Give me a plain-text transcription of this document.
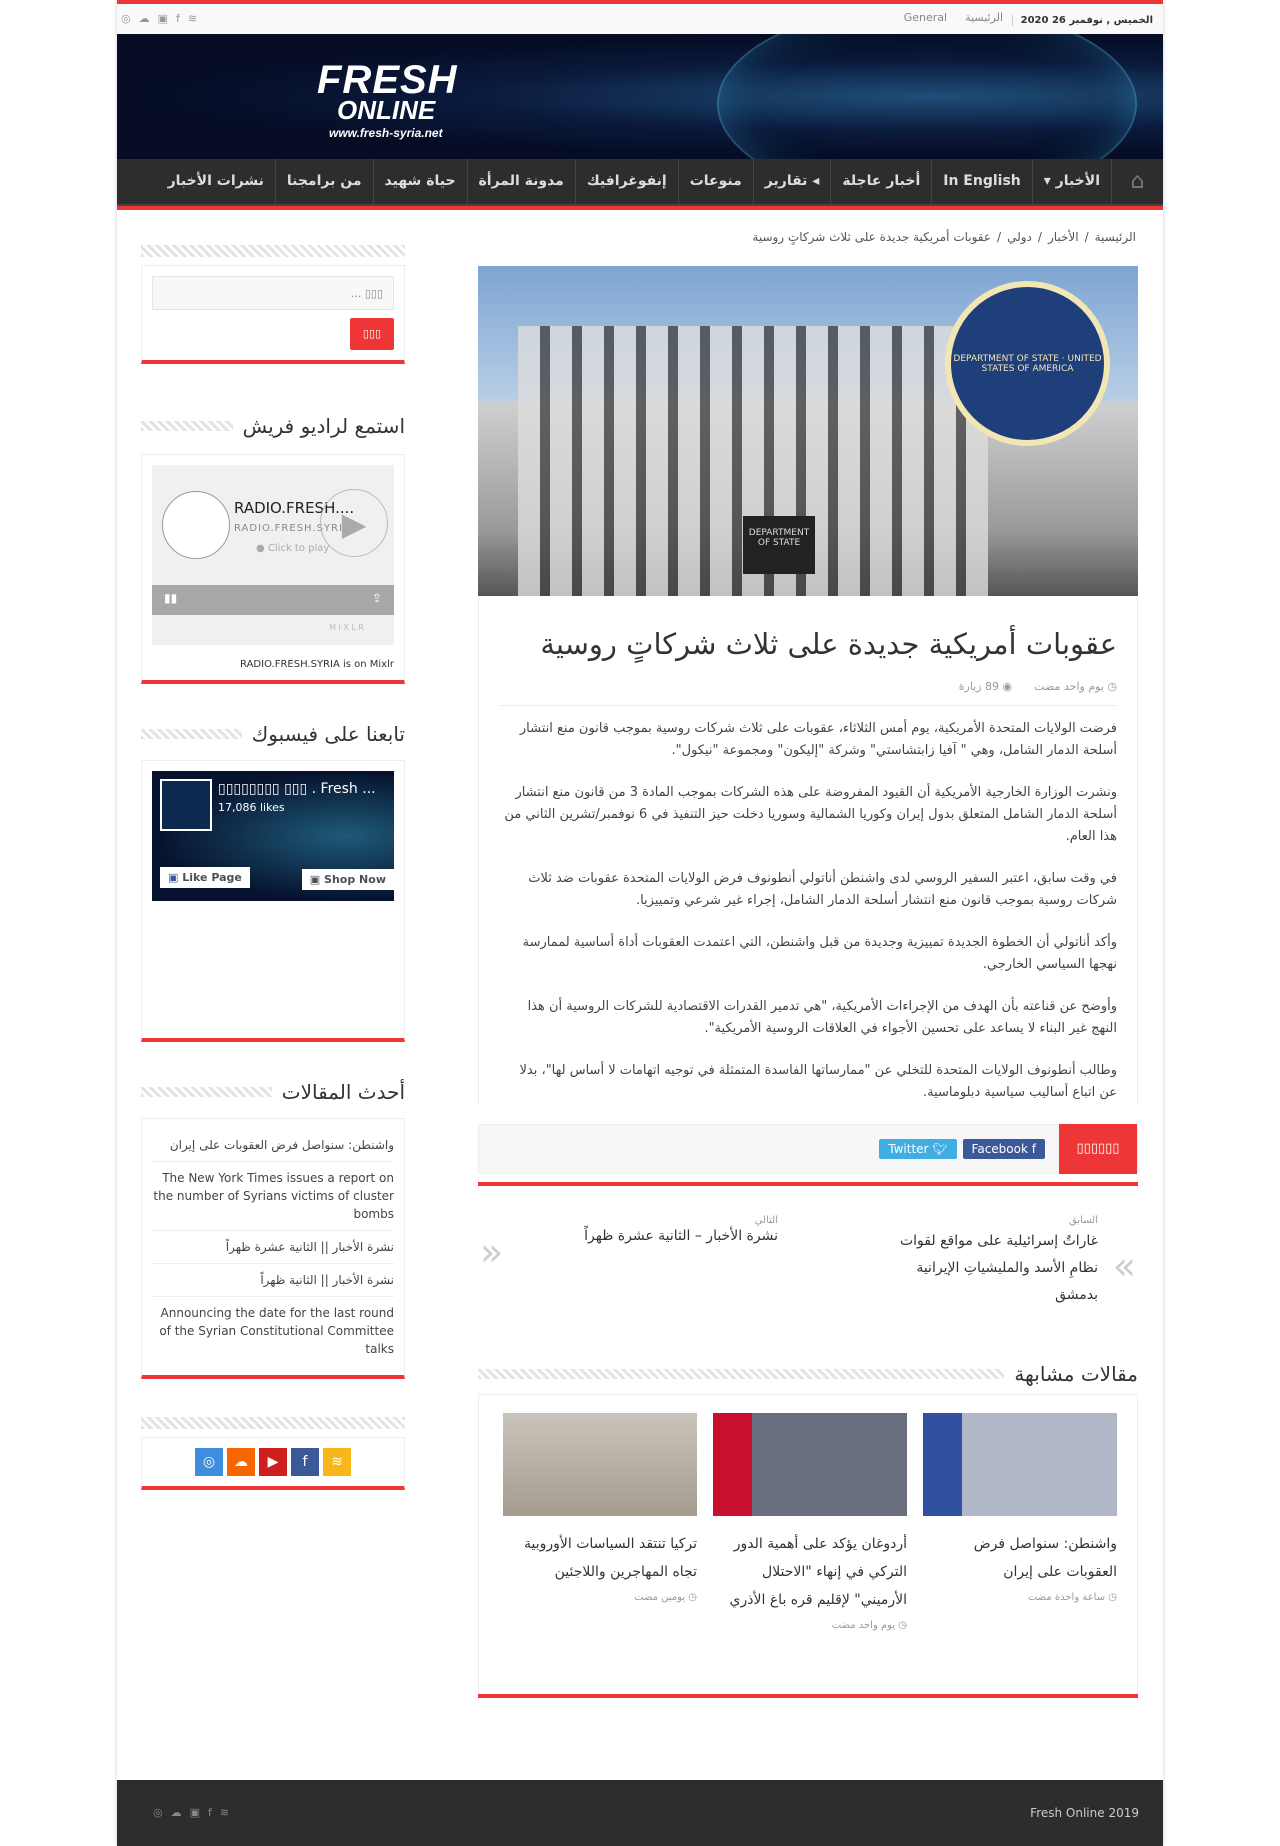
◎ ☁ ▣ f ≋	الرئيسية
General	الخميس , نوفمبر 26 2020
FRESH
ONLINE
www.fresh-syria.net
⌂
الأخبار ▾
In English
أخبار عاجلة
◂ تقارير
منوعات
إنفوغرافيك
مدونة المرأة
حياة شهيد
من برامجنا
نشرات الأخبار
الرئيسية/الأخبار/دولي/عقوبات أمريكية جديدة على ثلاث شركاتٍ روسية
DEPARTMENT OF STATE · UNITED STATES OF AMERICA
DEPARTMENT OF STATE
عقوبات أمريكية جديدة على ثلاث شركاتٍ روسية
◷ يوم واحد مضت
◉ 89 زيارة

فرضت الولايات المتحدة الأمريكية، يوم أمس الثلاثاء، عقوبات على ثلاث شركات روسية بموجب قانون منع انتشار أسلحة الدمار الشامل، وهي " آفيا زابتشاستي" وشركة "إليكون" ومجموعة "نيكول".

ونشرت الوزارة الخارجية الأمريكية أن القيود المفروضة على هذه الشركات بموجب المادة 3 من قانون منع انتشار أسلحة الدمار الشامل المتعلق بدول إيران وكوريا الشمالية وسوريا دخلت حيز التنفيذ في 6 نوفمبر/تشرين الثاني من هذا العام.

في وقت سابق، اعتبر السفير الروسي لدى واشنطن أناتولي أنطونوف فرض الولايات المتحدة عقوبات ضد ثلاث شركات روسية بموجب قانون منع انتشار أسلحة الدمار الشامل، إجراء غير شرعي وتمييزيا.

وأكد أناتولي أن الخطوة الجديدة تمييزية وجديدة من قبل واشنطن، التي اعتمدت العقوبات أداة أساسية لممارسة نهجها السياسي الخارجي.

وأوضح عن قناعته بأن الهدف من الإجراءات الأمريكية، "هي تدمير القدرات الاقتصادية للشركات الروسية أن هذا النهج غير البناء لا يساعد على تحسين الأجواء في العلاقات الروسية الأمريكية".

وطالب أنطونوف الولايات المتحدة للتخلي عن "ممارساتها الفاسدة المتمثلة في توجيه اتهامات لا أساس لها"، بدلا عن اتباع أساليب سياسية دبلوماسية.

▯▯▯▯▯▯
Facebook f
Twitter 🐦︎
»
السابق
غاراتٌ إسرائيلية على مواقع لقوات نظامِ الأسد والمليشياتِ الإيرانية بدمشق
التالي
نشرة الأخبار – الثانية عشرة ظهراً
«
مقالات مشابهة
واشنطن: سنواصل فرض العقوبات على إيران
◷ ساعة واحدة مضت
أردوغان يؤكد على أهمية الدور التركي في إنهاء "الاحتلال الأرميني" لإقليم قره باغ الأذري
◷ يوم واحد مضت
تركيا تنتقد السياسات الأوروبية تجاه المهاجرين واللاجئين
◷ يومين مضت
▯▯▯ ...
▯▯▯
استمع لراديو فريش
RADIO.FRESH....
RADIO.FRESH.SYRI...
● Click to play
▶
▮▮	⇪
M I X L R
RADIO.FRESH.SYRIA is on Mixlr
تابعنا على فيسبوك
▯▯▯▯▯▯▯▯ ▯▯▯ . Fresh ...
17,086 likes
▣ Like Page	▣ Shop Now
أحدث المقالات
واشنطن: سنواصل فرض العقوبات على إيران
The New York Times issues a report on the number of Syrians victims of cluster bombs
نشرة الأخبار || الثانية عشرة ظهراً
نشرة الأخبار || الثانية ظهراً
Announcing the date for the last round of the Syrian Constitutional Committee talks
◎ ☁ ▶ f ≋
◎ ☁ ▣ f ≋	Fresh Online 2019
